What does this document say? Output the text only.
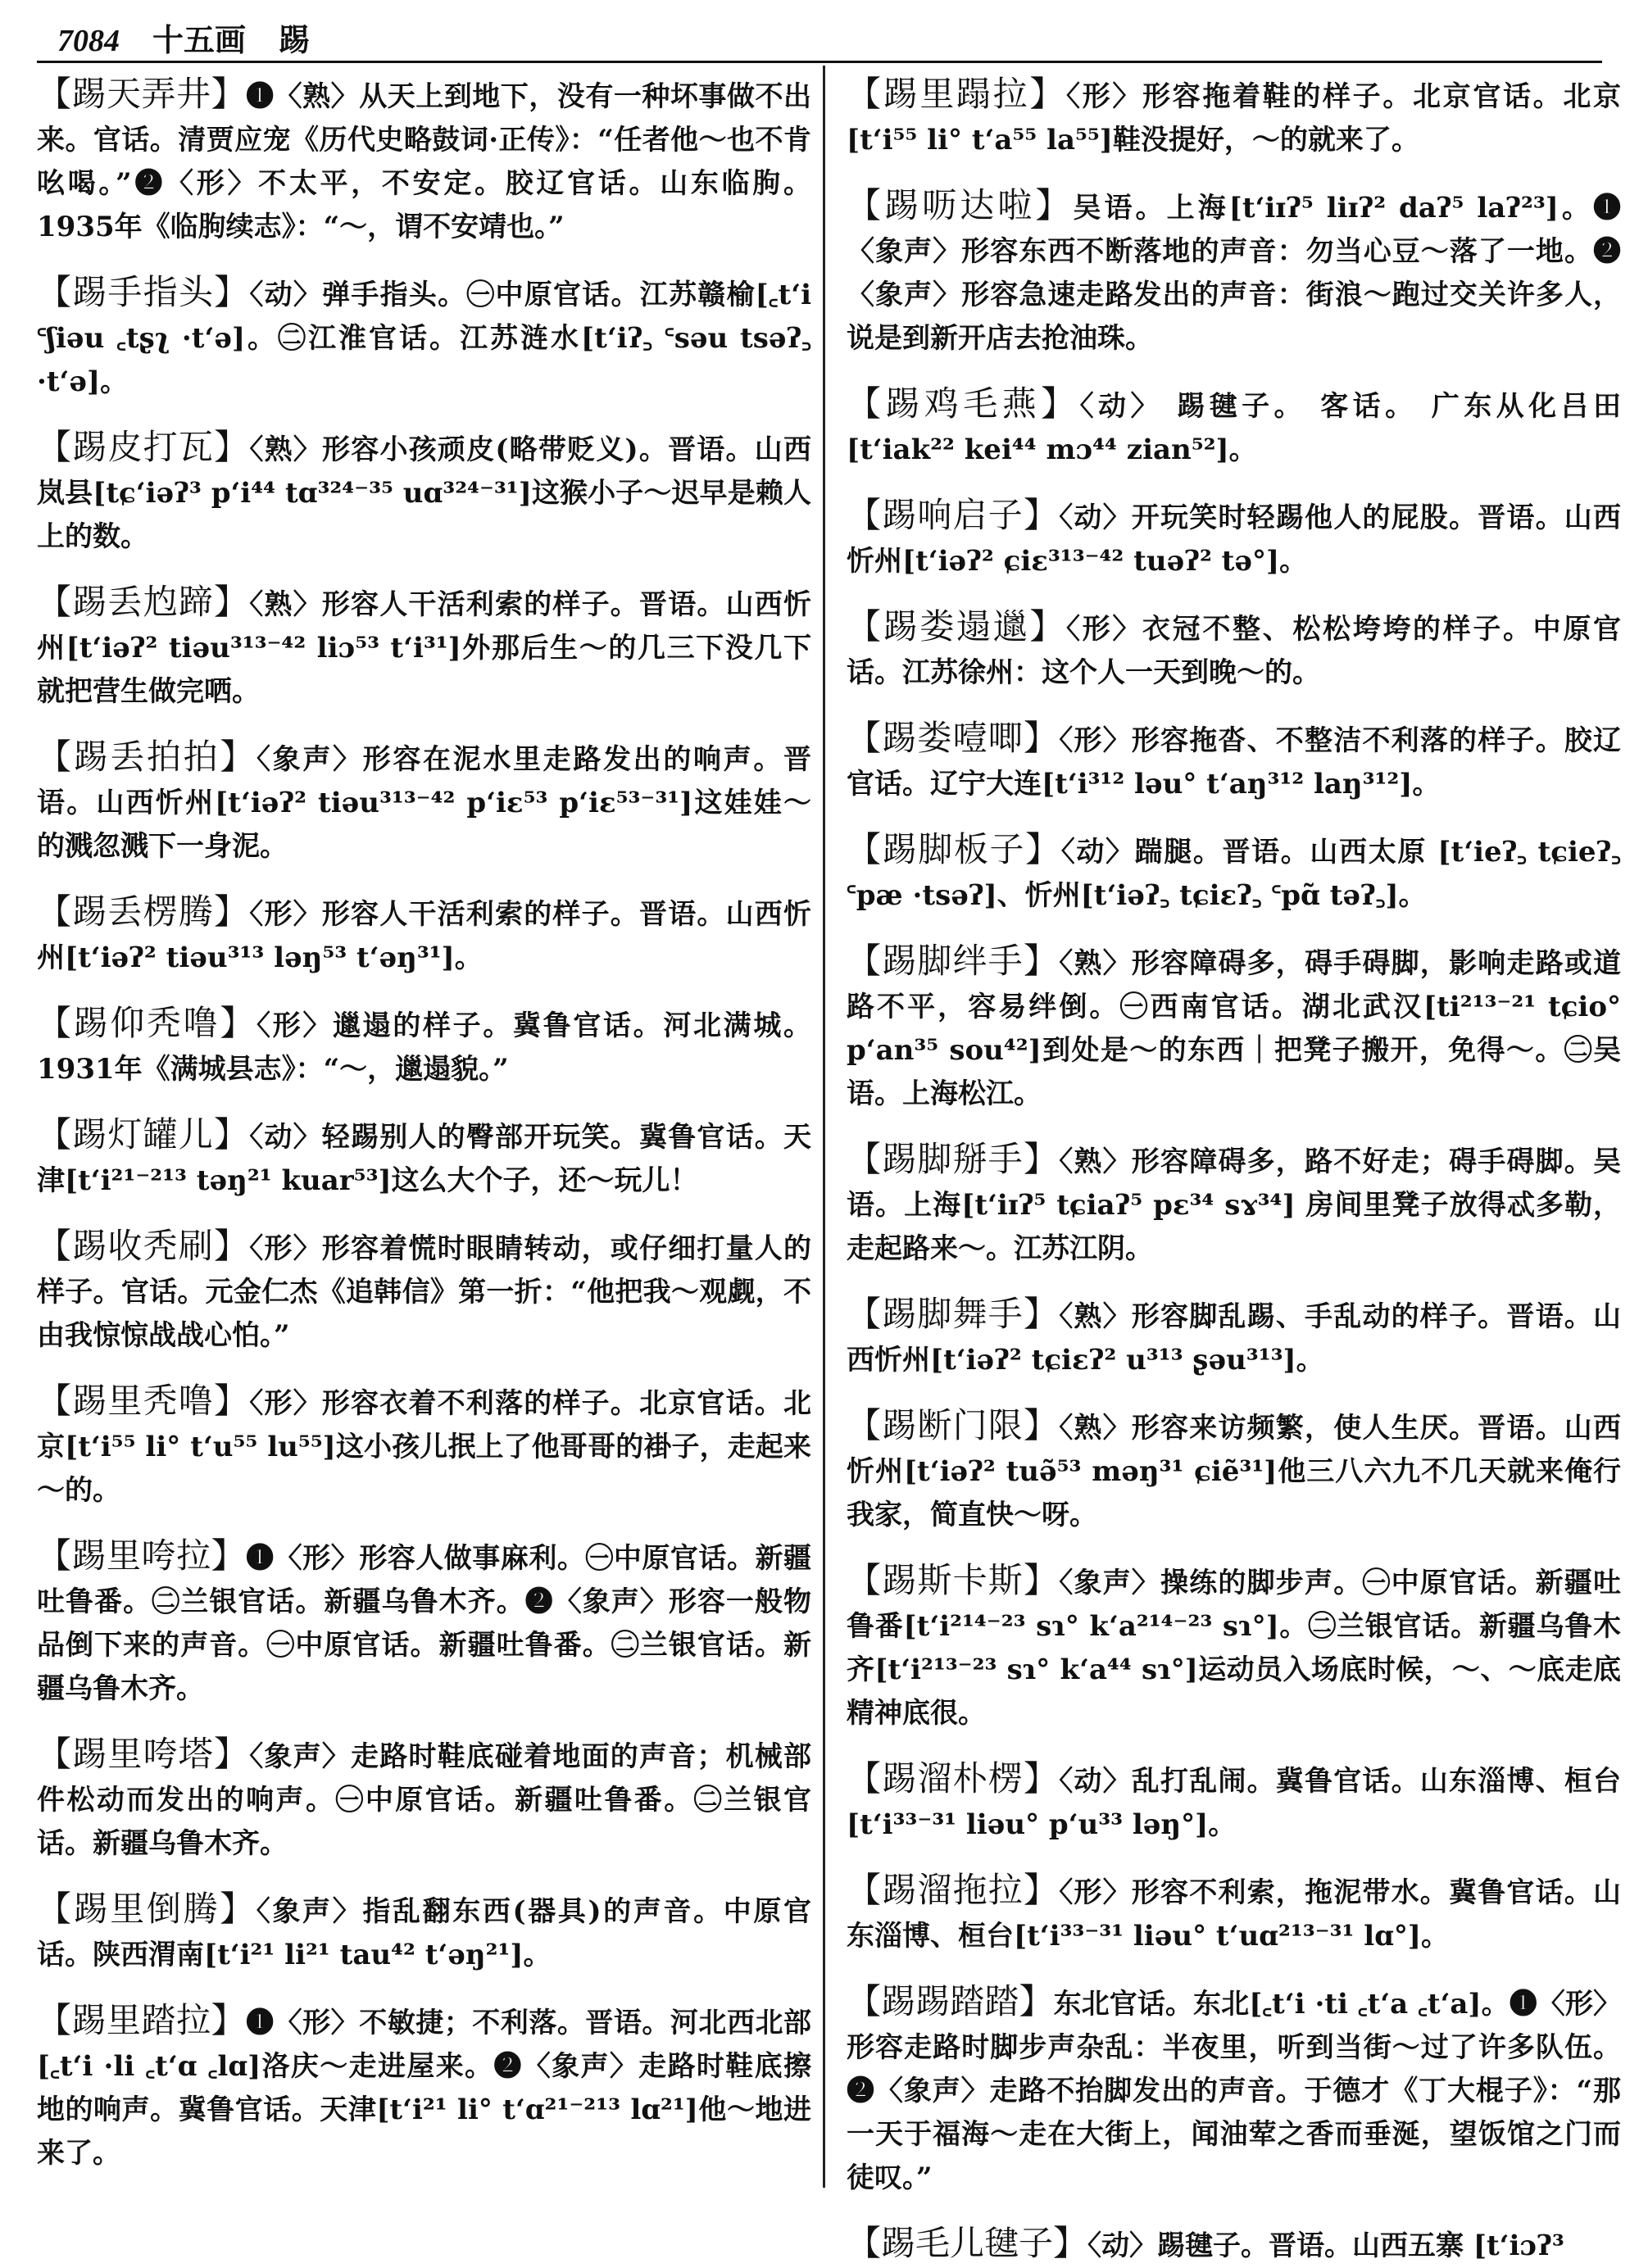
7084 十五画 踢
【踢天弄井】❶〈熟〉从天上到地下，没有一种坏事做不出来。官话。清贾应宠《历代史略鼓词·正传》：“任者他～也不肯吆喝。”❷〈形〉不太平，不安定。胶辽官话。山东临朐。1935年《临朐续志》：“～，谓不安靖也。”
【踢手指头】〈动〉弹手指头。㊀中原官话。江苏赣榆[꜀tʻi ꜂ʃiəu ꜀tʂʅ ·tʻə]。㊁江淮官话。江苏涟水[tʻiʔ꜆ ꜂səu tsəʔ꜆ ·tʻə]。
【踢皮打瓦】〈熟〉形容小孩顽皮(略带贬义)。晋语。山西岚县[tɕʻiəʔ³ pʻi⁴⁴ tɑ³²⁴⁻³⁵ uɑ³²⁴⁻³¹]这猴小子～迟早是赖人上的数。
【踢丢尥蹄】〈熟〉形容人干活利索的样子。晋语。山西忻州[tʻiəʔ² tiəu³¹³⁻⁴² liɔ⁵³ tʻi³¹]外那后生～的几三下没几下就把营生做完哂。
【踢丢拍拍】〈象声〉形容在泥水里走路发出的响声。晋语。山西忻州[tʻiəʔ² tiəu³¹³⁻⁴² pʻiɛ⁵³ pʻiɛ⁵³⁻³¹]这娃娃～的溅忽溅下一身泥。
【踢丢楞腾】〈形〉形容人干活利索的样子。晋语。山西忻州[tʻiəʔ² tiəu³¹³ ləŋ⁵³ tʻəŋ³¹]。
【踢仰秃噜】〈形〉邋遢的样子。冀鲁官话。河北满城。1931年《满城县志》：“～，邋遢貌。”
【踢灯罐儿】〈动〉轻踢别人的臀部开玩笑。冀鲁官话。天津[tʻi²¹⁻²¹³ təŋ²¹ kuar⁵³]这么大个子，还～玩儿！
【踢收秃刷】〈形〉形容着慌时眼睛转动，或仔细打量人的样子。官话。元金仁杰《追韩信》第一折：“他把我～观觑，不由我惊惊战战心怕。”
【踢里秃噜】〈形〉形容衣着不利落的样子。北京官话。北京[tʻi⁵⁵ li° tʻu⁵⁵ lu⁵⁵]这小孩儿抿上了他哥哥的褂子，走起来～的。
【踢里咵拉】❶〈形〉形容人做事麻利。㊀中原官话。新疆吐鲁番。㊁兰银官话。新疆乌鲁木齐。❷〈象声〉形容一般物品倒下来的声音。㊀中原官话。新疆吐鲁番。㊁兰银官话。新疆乌鲁木齐。
【踢里咵塔】〈象声〉走路时鞋底碰着地面的声音；机械部件松动而发出的响声。㊀中原官话。新疆吐鲁番。㊁兰银官话。新疆乌鲁木齐。
【踢里倒腾】〈象声〉指乱翻东西(器具)的声音。中原官话。陕西渭南[tʻi²¹ li²¹ tau⁴² tʻəŋ²¹]。
【踢里踏拉】❶〈形〉不敏捷；不利落。晋语。河北西北部[꜀tʻi ·li ꜀tʻɑ ꜀lɑ]洛庆～走进屋来。❷〈象声〉走路时鞋底擦地的响声。冀鲁官话。天津[tʻi²¹ li° tʻɑ²¹⁻²¹³ lɑ²¹]他～地进来了。
【踢里蹋拉】〈形〉形容拖着鞋的样子。北京官话。北京[tʻi⁵⁵ li° tʻa⁵⁵ la⁵⁵]鞋没提好，～的就来了。
【踢呖达啦】吴语。上海[tʻiɪʔ⁵ liɪʔ² daʔ⁵ laʔ²³]。❶〈象声〉形容东西不断落地的声音：勿当心豆～落了一地。❷〈象声〉形容急速走路发出的声音：街浪～跑过交关许多人，说是到新开店去抢油珠。
【踢鸡毛燕】〈动〉 踢毽子。 客话。 广东从化吕田[tʻiak²² kei⁴⁴ mɔ⁴⁴ zian⁵²]。
【踢响启子】〈动〉开玩笑时轻踢他人的屁股。晋语。山西忻州[tʻiəʔ² ɕiɛ³¹³⁻⁴² tuəʔ² tə°]。
【踢娄遢邋】〈形〉衣冠不整、松松垮垮的样子。中原官话。江苏徐州：这个人一天到晚～的。
【踢娄噎唧】〈形〉形容拖沓、不整洁不利落的样子。胶辽官话。辽宁大连[tʻi³¹² ləu° tʻaŋ³¹² laŋ³¹²]。
【踢脚板子】〈动〉踹腿。晋语。山西太原 [tʻieʔ꜆ tɕieʔ꜆ ꜂pæ ·tsəʔ]、忻州[tʻiəʔ꜆ tɕiɛʔ꜆ ꜂pɑ̃ təʔ꜆]。
【踢脚绊手】〈熟〉形容障碍多，碍手碍脚，影响走路或道路不平，容易绊倒。㊀西南官话。湖北武汉[ti²¹³⁻²¹ tɕio° pʻan³⁵ sou⁴²]到处是～的东西｜把凳子搬开，免得～。㊁吴语。上海松江。
【踢脚掰手】〈熟〉形容障碍多，路不好走；碍手碍脚。吴语。上海[tʻiɪʔ⁵ tɕiaʔ⁵ pɛ³⁴ sɤ³⁴] 房间里凳子放得忒多勒，走起路来～。江苏江阴。
【踢脚舞手】〈熟〉形容脚乱踢、手乱动的样子。晋语。山西忻州[tʻiəʔ² tɕiɛʔ² u³¹³ ʂəu³¹³]。
【踢断门限】〈熟〉形容来访频繁，使人生厌。晋语。山西忻州[tʻiəʔ² tuə̃⁵³ məŋ³¹ ɕiẽ³¹]他三八六九不几天就来俺行我家，简直快～呀。
【踢斯卡斯】〈象声〉操练的脚步声。㊀中原官话。新疆吐鲁番[tʻi²¹⁴⁻²³ sɿ° kʻa²¹⁴⁻²³ sɿ°]。㊁兰银官话。新疆乌鲁木齐[tʻi²¹³⁻²³ sɿ° kʻa⁴⁴ sɿ°]运动员入场底时候，～、～底走底精神底很。
【踢溜朴楞】〈动〉乱打乱闹。冀鲁官话。山东淄博、桓台[tʻi³³⁻³¹ liəu° pʻu³³ ləŋ°]。
【踢溜拖拉】〈形〉形容不利索，拖泥带水。冀鲁官话。山东淄博、桓台[tʻi³³⁻³¹ liəu° tʻuɑ²¹³⁻³¹ lɑ°]。
【踢踢踏踏】东北官话。东北[꜀tʻi ·ti ꜀tʻa ꜀tʻa]。❶〈形〉形容走路时脚步声杂乱：半夜里，听到当街～过了许多队伍。❷〈象声〉走路不抬脚发出的声音。于德才《丁大棍子》：“那一天于福海～走在大街上，闻油荤之香而垂涎，望饭馆之门而徒叹。”
【踢毛儿毽子】〈动〉踢毽子。晋语。山西五寨 [tʻiɔʔ³
